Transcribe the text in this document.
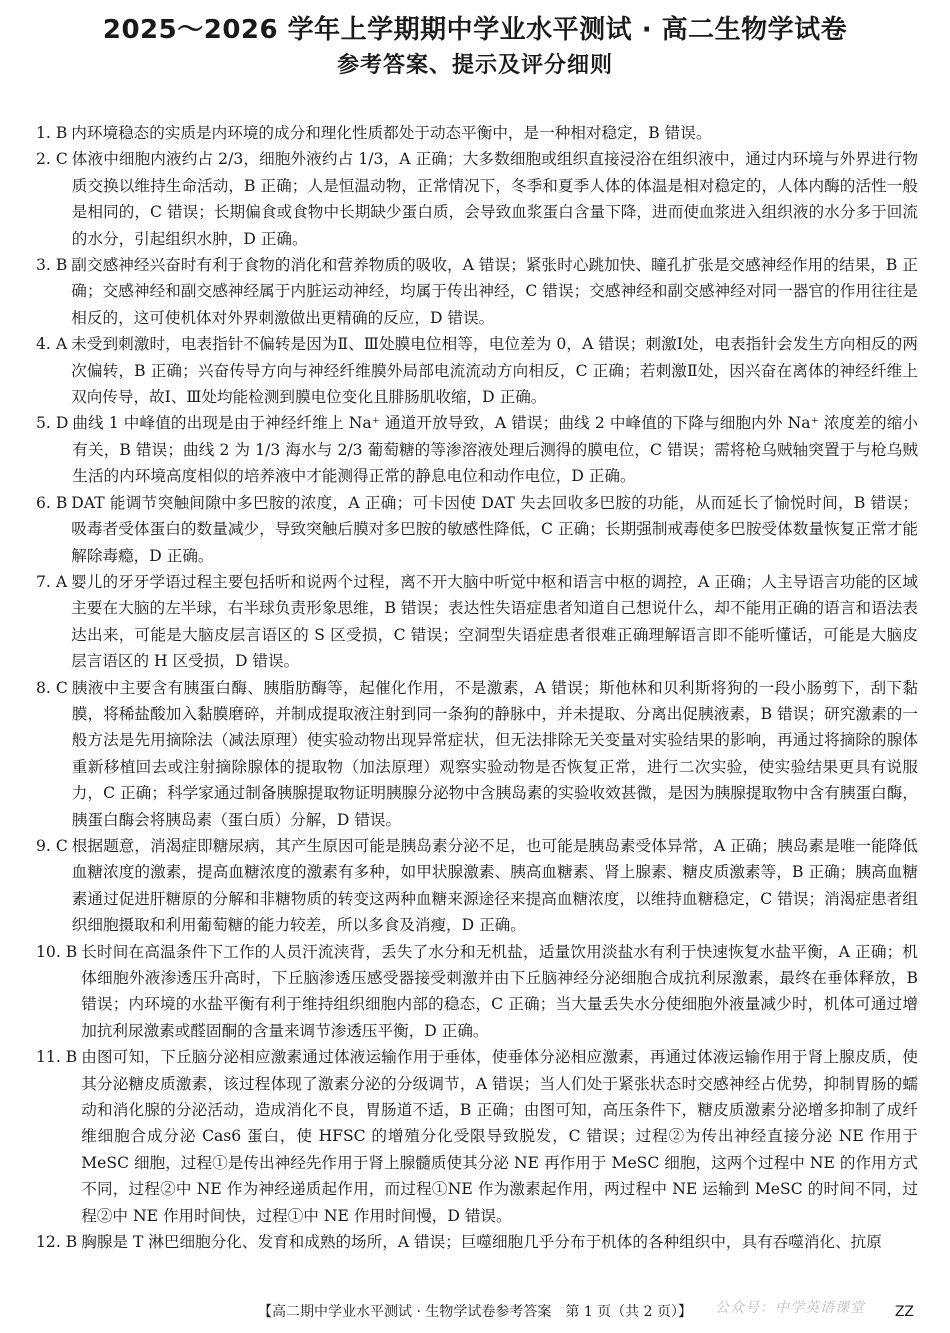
2025～2026 学年上学期期中学业水平测试 · 高二生物学试卷
参考答案、提示及评分细则
1. B 内环境稳态的实质是内环境的成分和理化性质都处于动态平衡中，是一种相对稳定，B 错误。
2. C 体液中细胞内液约占 2/3，细胞外液约占 1/3，A 正确；大多数细胞或组织直接浸浴在组织液中，通过内环境与外界进行物质交换以维持生命活动，B 正确；人是恒温动物，正常情况下，冬季和夏季人体的体温是相对稳定的，人体内酶的活性一般是相同的，C 错误；长期偏食或食物中长期缺少蛋白质，会导致血浆蛋白含量下降，进而使血浆进入组织液的水分多于回流的水分，引起组织水肿，D 正确。
3. B 副交感神经兴奋时有利于食物的消化和营养物质的吸收，A 错误；紧张时心跳加快、瞳孔扩张是交感神经作用的结果，B 正确；交感神经和副交感神经属于内脏运动神经，均属于传出神经，C 错误；交感神经和副交感神经对同一器官的作用往往是相反的，这可使机体对外界刺激做出更精确的反应，D 错误。
4. A 未受到刺激时，电表指针不偏转是因为Ⅱ、Ⅲ处膜电位相等，电位差为 0，A 错误；刺激Ⅰ处，电表指针会发生方向相反的两次偏转，B 正确；兴奋传导方向与神经纤维膜外局部电流流动方向相反，C 正确；若刺激Ⅱ处，因兴奋在离体的神经纤维上双向传导，故Ⅰ、Ⅲ处均能检测到膜电位变化且腓肠肌收缩，D 正确。
5. D 曲线 1 中峰值的出现是由于神经纤维上 Na⁺ 通道开放导致，A 错误；曲线 2 中峰值的下降与细胞内外 Na⁺ 浓度差的缩小有关，B 错误；曲线 2 为 1/3 海水与 2/3 葡萄糖的等渗溶液处理后测得的膜电位，C 错误；需将枪乌贼轴突置于与枪乌贼生活的内环境高度相似的培养液中才能测得正常的静息电位和动作电位，D 正确。
6. B DAT 能调节突触间隙中多巴胺的浓度，A 正确；可卡因使 DAT 失去回收多巴胺的功能，从而延长了愉悦时间，B 错误；吸毒者受体蛋白的数量减少，导致突触后膜对多巴胺的敏感性降低，C 正确；长期强制戒毒使多巴胺受体数量恢复正常才能解除毒瘾，D 正确。
7. A 婴儿的牙牙学语过程主要包括听和说两个过程，离不开大脑中听觉中枢和语言中枢的调控，A 正确；人主导语言功能的区域主要在大脑的左半球，右半球负责形象思维，B 错误；表达性失语症患者知道自己想说什么，却不能用正确的语言和语法表达出来，可能是大脑皮层言语区的 S 区受损，C 错误；空洞型失语症患者很难正确理解语言即不能听懂话，可能是大脑皮层言语区的 H 区受损，D 错误。
8. C 胰液中主要含有胰蛋白酶、胰脂肪酶等，起催化作用，不是激素，A 错误；斯他林和贝利斯将狗的一段小肠剪下，刮下黏膜，将稀盐酸加入黏膜磨碎，并制成提取液注射到同一条狗的静脉中，并未提取、分离出促胰液素，B 错误；研究激素的一般方法是先用摘除法（减法原理）使实验动物出现异常症状，但无法排除无关变量对实验结果的影响，再通过将摘除的腺体重新移植回去或注射摘除腺体的提取物（加法原理）观察实验动物是否恢复正常，进行二次实验，使实验结果更具有说服力，C 正确；科学家通过制备胰腺提取物证明胰腺分泌物中含胰岛素的实验收效甚微，是因为胰腺提取物中含有胰蛋白酶，胰蛋白酶会将胰岛素（蛋白质）分解，D 错误。
9. C 根据题意，消渴症即糖尿病，其产生原因可能是胰岛素分泌不足，也可能是胰岛素受体异常，A 正确；胰岛素是唯一能降低血糖浓度的激素，提高血糖浓度的激素有多种，如甲状腺激素、胰高血糖素、肾上腺素、糖皮质激素等，B 正确；胰高血糖素通过促进肝糖原的分解和非糖物质的转变这两种血糖来源途径来提高血糖浓度，以维持血糖稳定，C 错误；消渴症患者组织细胞摄取和利用葡萄糖的能力较差，所以多食及消瘦，D 正确。
10. B 长时间在高温条件下工作的人员汗流浃背，丢失了水分和无机盐，适量饮用淡盐水有利于快速恢复水盐平衡，A 正确；机体细胞外液渗透压升高时，下丘脑渗透压感受器接受刺激并由下丘脑神经分泌细胞合成抗利尿激素，最终在垂体释放，B 错误；内环境的水盐平衡有利于维持组织细胞内部的稳态，C 正确；当大量丢失水分使细胞外液量减少时，机体可通过增加抗利尿激素或醛固酮的含量来调节渗透压平衡，D 正确。
11. B 由图可知，下丘脑分泌相应激素通过体液运输作用于垂体，使垂体分泌相应激素，再通过体液运输作用于肾上腺皮质，使其分泌糖皮质激素，该过程体现了激素分泌的分级调节，A 错误；当人们处于紧张状态时交感神经占优势，抑制胃肠的蠕动和消化腺的分泌活动，造成消化不良，胃肠道不适，B 正确；由图可知，高压条件下，糖皮质激素分泌增多抑制了成纤维细胞合成分泌 Cas6 蛋白，使 HFSC 的增殖分化受限导致脱发，C 错误；过程②为传出神经直接分泌 NE 作用于 MeSC 细胞，过程①是传出神经先作用于肾上腺髓质使其分泌 NE 再作用于 MeSC 细胞，这两个过程中 NE 的作用方式不同，过程②中 NE 作为神经递质起作用，而过程①NE 作为激素起作用，两过程中 NE 运输到 MeSC 的时间不同，过程②中 NE 作用时间快，过程①中 NE 作用时间慢，D 错误。
12. B 胸腺是 T 淋巴细胞分化、发育和成熟的场所，A 错误；巨噬细胞几乎分布于机体的各种组织中，具有吞噬消化、抗原
公众号：中学英语课堂
【高二期中学业水平测试 · 生物学试卷参考答案　第 1 页（共 2 页）】	ZZ
